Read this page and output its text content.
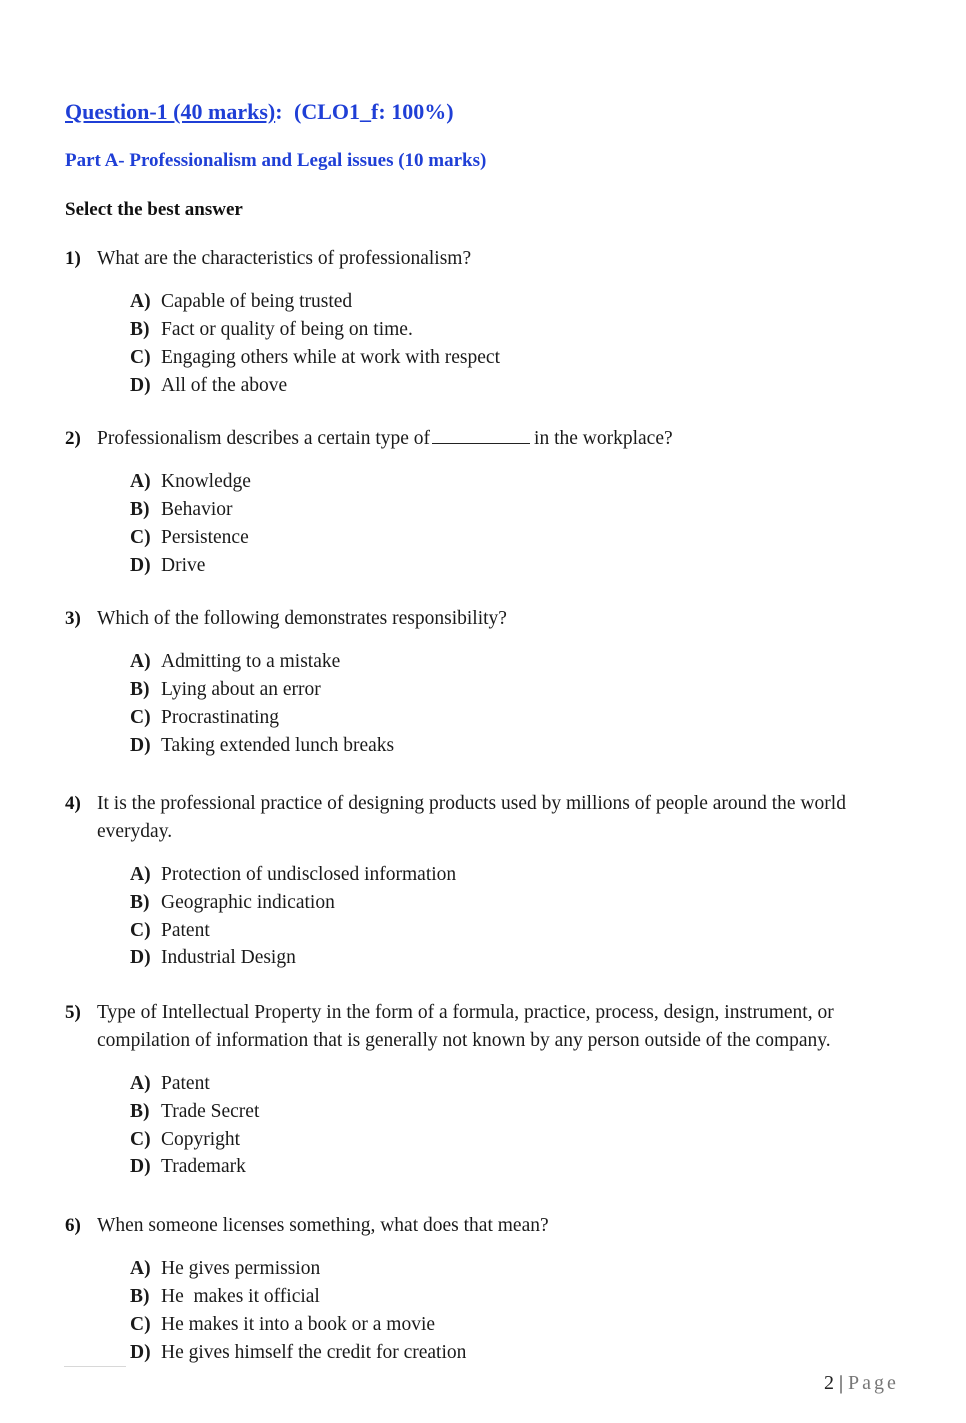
Question-1 (40 marks): (CLO1_f: 100%)
Part A- Professionalism and Legal issues (10 marks)
Select the best answer
1) What are the characteristics of professionalism?
A) Capable of being trusted
B) Fact or quality of being on time.
C) Engaging others while at work with respect
D) All of the above
2) Professionalism describes a certain type of	in the workplace?
A) Knowledge
B) Behavior
C) Persistence
D) Drive
3) Which of the following demonstrates responsibility?
A) Admitting to a mistake
B) Lying about an error
C) Procrastinating
D) Taking extended lunch breaks
4) It is the professional practice of designing products used by millions of people around the world
everyday.
A) Protection of undisclosed information
B) Geographic indication
C) Patent
D) Industrial Design
5) Type of Intellectual Property in the form of a formula, practice, process, design, instrument, or
compilation of information that is generally not known by any person outside of the company.
A) Patent
B) Trade Secret
C) Copyright
D) Trademark
6) When someone licenses something, what does that mean?
A) He gives permission
B) He  makes it official
C) He makes it into a book or a movie
D) He gives himself the credit for creation
2 | Page
